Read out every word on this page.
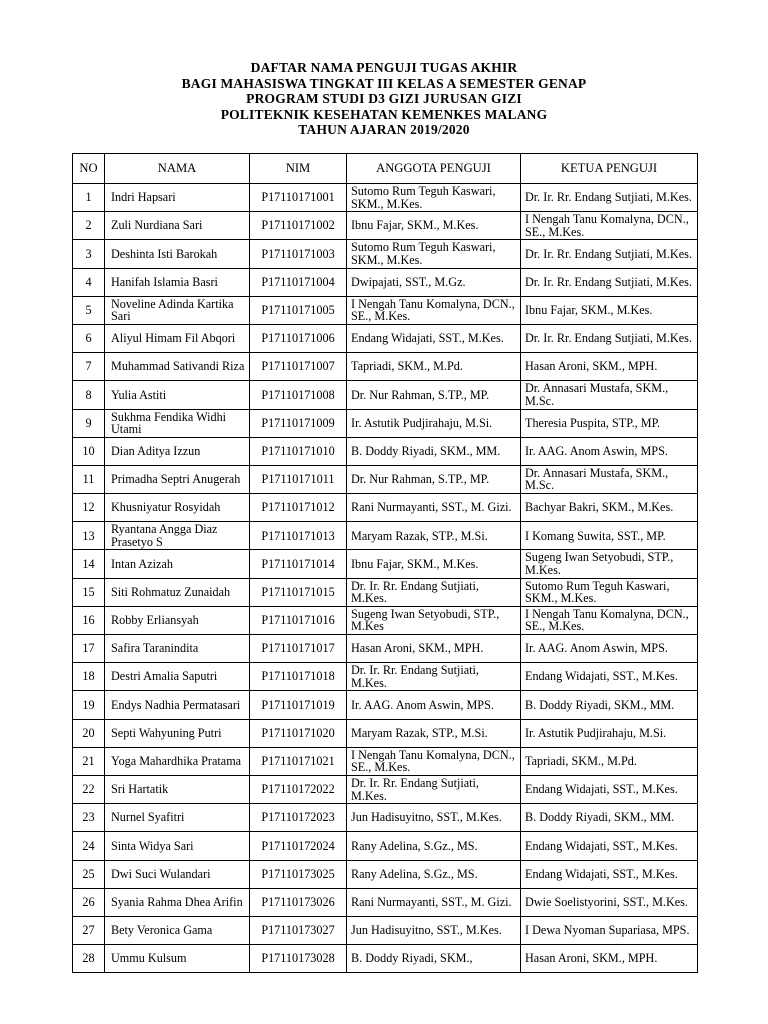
DAFTAR NAMA PENGUJI TUGAS AKHIR
BAGI MAHASISWA TINGKAT III KELAS A SEMESTER GENAP
PROGRAM STUDI D3 GIZI JURUSAN GIZI
POLITEKNIK KESEHATAN KEMENKES MALANG
TAHUN AJARAN 2019/2020
NO	NAMA	NIM	ANGGOTA PENGUJI	KETUA PENGUJI
1	Indri Hapsari	P17110171001	Sutomo Rum Teguh Kaswari, SKM., M.Kes.	Dr. Ir. Rr. Endang Sutjiati, M.Kes.
2	Zuli Nurdiana Sari	P17110171002	Ibnu Fajar, SKM., M.Kes.	I Nengah Tanu Komalyna, DCN., SE., M.Kes.
3	Deshinta Isti Barokah	P17110171003	Sutomo Rum Teguh Kaswari, SKM., M.Kes.	Dr. Ir. Rr. Endang Sutjiati, M.Kes.
4	Hanifah Islamia Basri	P17110171004	Dwipajati, SST., M.Gz.	Dr. Ir. Rr. Endang Sutjiati, M.Kes.
5	Noveline Adinda Kartika Sari	P17110171005	I Nengah Tanu Komalyna, DCN., SE., M.Kes.	Ibnu Fajar, SKM., M.Kes.
6	Aliyul Himam Fil Abqori	P17110171006	Endang Widajati, SST., M.Kes.	Dr. Ir. Rr. Endang Sutjiati, M.Kes.
7	Muhammad Sativandi Riza	P17110171007	Tapriadi, SKM., M.Pd.	Hasan Aroni, SKM., MPH.
8	Yulia Astiti	P17110171008	Dr. Nur Rahman, S.TP., MP.	Dr. Annasari Mustafa, SKM., M.Sc.
9	Sukhma Fendika Widhi Utami	P17110171009	Ir. Astutik Pudjirahaju, M.Si.	Theresia Puspita, STP., MP.
10	Dian Aditya Izzun	P17110171010	B. Doddy Riyadi, SKM., MM.	Ir. AAG. Anom Aswin, MPS.
11	Primadha Septri Anugerah	P17110171011	Dr. Nur Rahman, S.TP., MP.	Dr. Annasari Mustafa, SKM., M.Sc.
12	Khusniyatur Rosyidah	P17110171012	Rani Nurmayanti, SST., M. Gizi.	Bachyar Bakri, SKM., M.Kes.
13	Ryantana Angga Diaz Prasetyo S	P17110171013	Maryam Razak, STP., M.Si.	I Komang Suwita, SST., MP.
14	Intan Azizah	P17110171014	Ibnu Fajar, SKM., M.Kes.	Sugeng Iwan Setyobudi, STP., M.Kes.
15	Siti Rohmatuz Zunaidah	P17110171015	Dr. Ir. Rr. Endang Sutjiati, M.Kes.	Sutomo Rum Teguh Kaswari, SKM., M.Kes.
16	Robby Erliansyah	P17110171016	Sugeng Iwan Setyobudi, STP., M.Kes	I Nengah Tanu Komalyna, DCN., SE., M.Kes.
17	Safira Taranindita	P17110171017	Hasan Aroni, SKM., MPH.	Ir. AAG. Anom Aswin, MPS.
18	Destri Amalia Saputri	P17110171018	Dr. Ir. Rr. Endang Sutjiati, M.Kes.	Endang Widajati, SST., M.Kes.
19	Endys Nadhia Permatasari	P17110171019	Ir. AAG. Anom Aswin, MPS.	B. Doddy Riyadi, SKM., MM.
20	Septi Wahyuning Putri	P17110171020	Maryam Razak, STP., M.Si.	Ir. Astutik Pudjirahaju, M.Si.
21	Yoga Mahardhika Pratama	P17110171021	I Nengah Tanu Komalyna, DCN., SE., M.Kes.	Tapriadi, SKM., M.Pd.
22	Sri Hartatik	P17110172022	Dr. Ir. Rr. Endang Sutjiati, M.Kes.	Endang Widajati, SST., M.Kes.
23	Nurnel Syafitri	P17110172023	Jun Hadisuyitno, SST., M.Kes.	B. Doddy Riyadi, SKM., MM.
24	Sinta Widya Sari	P17110172024	Rany Adelina, S.Gz., MS.	Endang Widajati, SST., M.Kes.
25	Dwi Suci Wulandari	P17110173025	Rany Adelina, S.Gz., MS.	Endang Widajati, SST., M.Kes.
26	Syania Rahma Dhea Arifin	P17110173026	Rani Nurmayanti, SST., M. Gizi.	Dwie Soelistyorini, SST., M.Kes.
27	Bety Veronica Gama	P17110173027	Jun Hadisuyitno, SST., M.Kes.	I Dewa Nyoman Supariasa, MPS.
28	Ummu Kulsum	P17110173028	B. Doddy Riyadi, SKM.,	Hasan Aroni, SKM., MPH.
